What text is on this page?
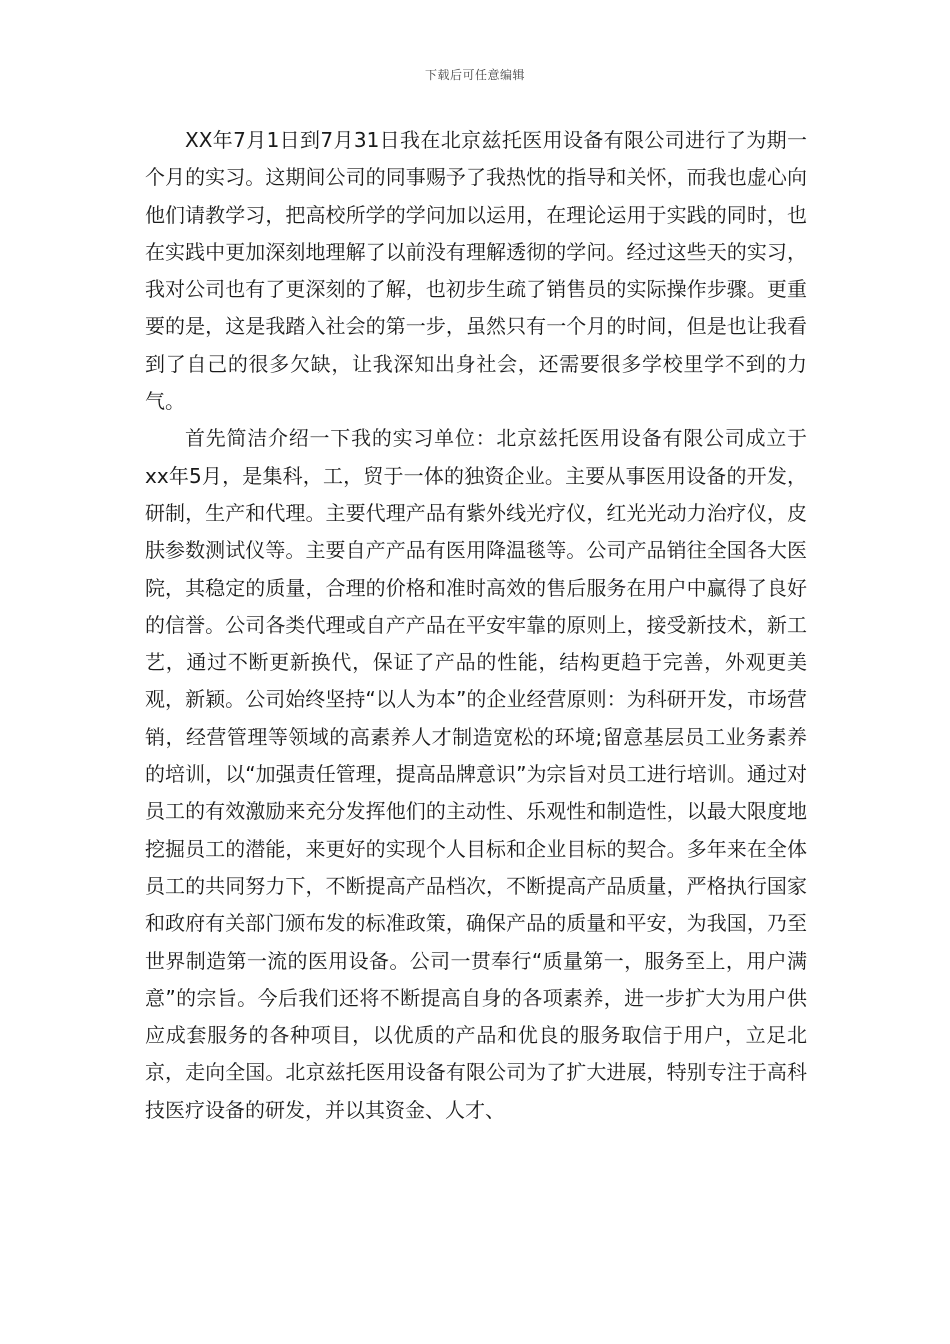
下载后可任意编辑

XX年7月1日到7月31日我在北京兹托医用设备有限公司进行了为期一个月的实习。这期间公司的同事赐予了我热忱的指导和关怀，而我也虚心向他们请教学习，把高校所学的学问加以运用，在理论运用于实践的同时，也在实践中更加深刻地理解了以前没有理解透彻的学问。经过这些天的实习，我对公司也有了更深刻的了解，也初步生疏了销售员的实际操作步骤。更重要的是，这是我踏入社会的第一步，虽然只有一个月的时间，但是也让我看到了自己的很多欠缺，让我深知出身社会，还需要很多学校里学不到的力气。

首先简洁介绍一下我的实习单位：北京兹托医用设备有限公司成立于xx年5月，是集科，工，贸于一体的独资企业。主要从事医用设备的开发，研制，生产和代理。主要代理产品有紫外线光疗仪，红光光动力治疗仪，皮肤参数测试仪等。主要自产产品有医用降温毯等。公司产品销往全国各大医院，其稳定的质量，合理的价格和准时高效的售后服务在用户中赢得了良好的信誉。公司各类代理或自产产品在平安牢靠的原则上，接受新技术，新工艺，通过不断更新换代，保证了产品的性能，结构更趋于完善，外观更美观，新颖。公司始终坚持“以人为本”的企业经营原则：为科研开发，市场营销，经营管理等领域的高素养人才制造宽松的环境;留意基层员工业务素养的培训，以“加强责任管理，提高品牌意识”为宗旨对员工进行培训。通过对员工的有效激励来充分发挥他们的主动性、乐观性和制造性，以最大限度地挖掘员工的潜能，来更好的实现个人目标和企业目标的契合。多年来在全体员工的共同努力下，不断提高产品档次，不断提高产品质量，严格执行国家和政府有关部门颁布发的标准政策，确保产品的质量和平安，为我国，乃至世界制造第一流的医用设备。公司一贯奉行“质量第一，服务至上，用户满意”的宗旨。今后我们还将不断提高自身的各项素养，进一步扩大为用户供应成套服务的各种项目，以优质的产品和优良的服务取信于用户，立足北京，走向全国。北京兹托医用设备有限公司为了扩大进展，特别专注于高科技医疗设备的研发，并以其资金、人才、
